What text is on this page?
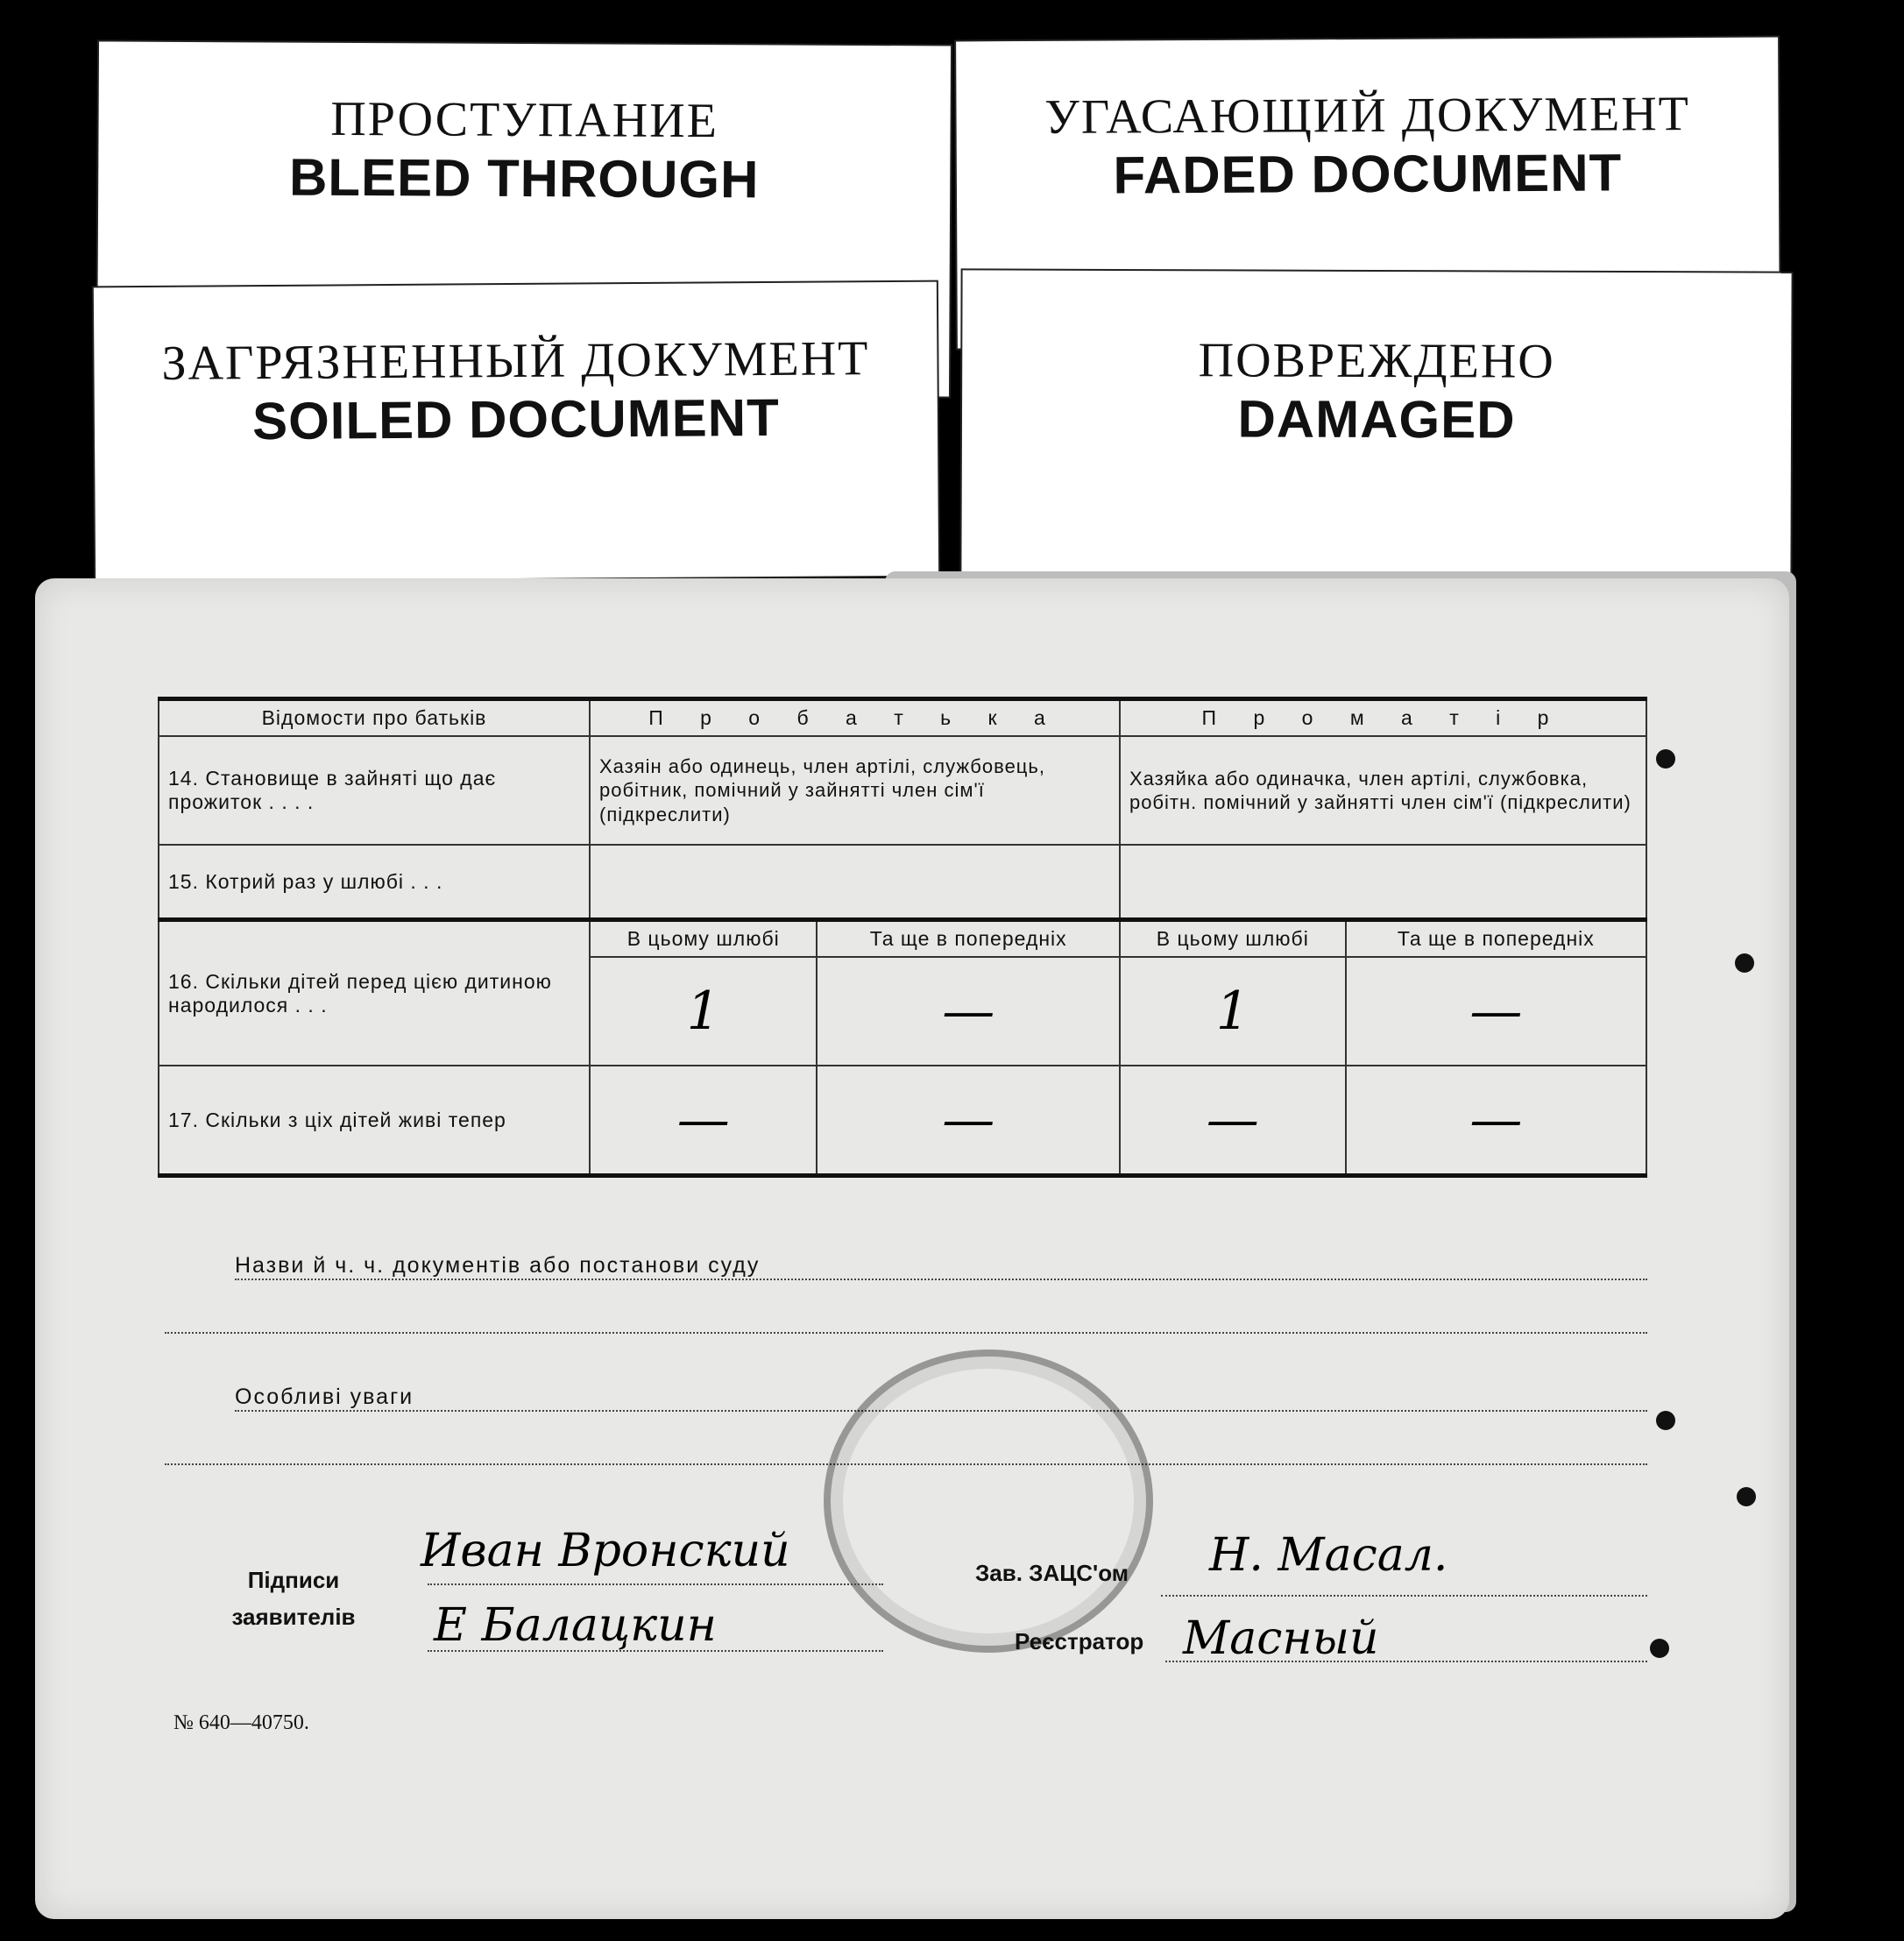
ПРОСТУПАНИЕ
BLEED THROUGH
УГАСАЮЩИЙ ДОКУМЕНТ
FADED DOCUMENT
ЗАГРЯЗНЕННЫЙ ДОКУМЕНТ
SOILED DOCUMENT
ПОВРЕЖДЕНО
DAMAGED
Відомости про батьків	П р о б а т ь к а		П р о м а т і р	
14. Становище в зайняті що дає прожиток . . . .	Хазяін або одинець, член артілі, службовець, робітник, помічний у зайнятті член сім'ї (підкреслити)		Хазяйка або одиначка, член артілі, службовка, робітн. помічний у зайнятті член сім'ї (підкреслити)	
15. Котрий раз у шлюбі . . .				
16. Скільки дітей перед цією дитиною народилося . . .	В цьому шлюбі	Та ще в попередніх	В цьому шлюбі	Та ще в попередніх
	1	—	1	—
17. Скільки з ціх дітей живі тепер	—	—	—	—
Назви й ч. ч. документів або постанови суду
Особливі уваги
Підписи заявителів
Иван Вронский
Е Балацкин
Зав. ЗАЦС'ом Н. Масал.
Реєстратор Масный
№ 640—40750.
